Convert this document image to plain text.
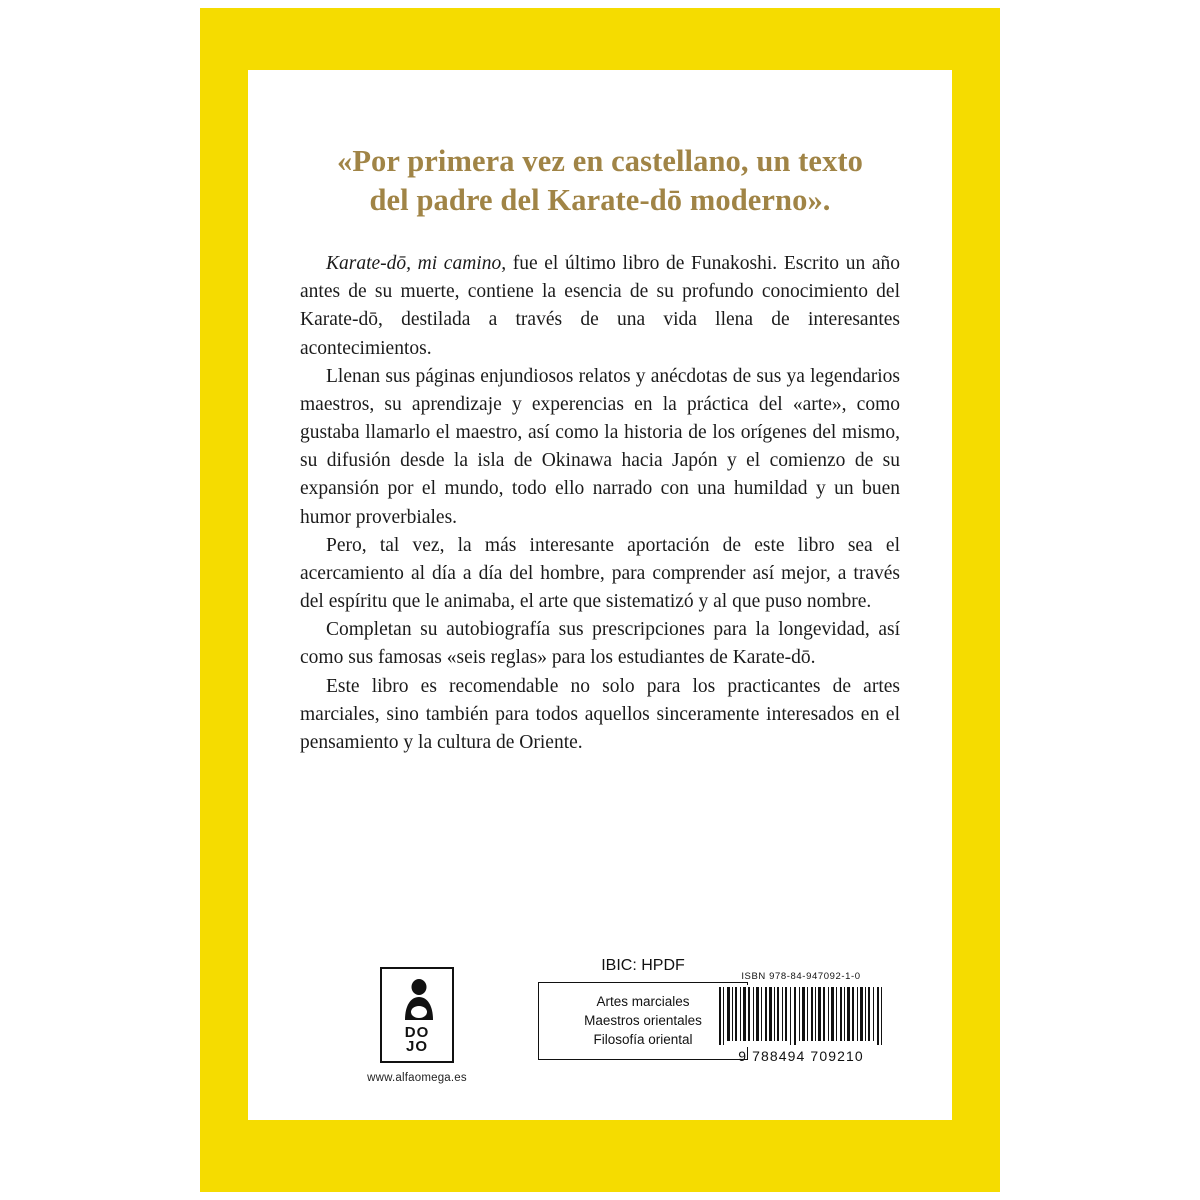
«Por primera vez en castellano, un texto
del padre del Karate-dō moderno».

Karate-dō, mi camino, fue el último libro de Funakoshi. Escrito un año antes de su muerte, contiene la esencia de su profundo conocimiento del Karate-dō, destilada a través de una vida llena de interesantes acontecimientos.

Llenan sus páginas enjundiosos relatos y anécdotas de sus ya legendarios maestros, su aprendizaje y experencias en la práctica del «arte», como gustaba llamarlo el maestro, así como la historia de los orígenes del mismo, su difusión desde la isla de Okinawa hacia Japón y el comienzo de su expansión por el mundo, todo ello narrado con una humildad y un buen humor proverbiales.

Pero, tal vez, la más interesante aportación de este libro sea el acercamiento al día a día del hombre, para comprender así mejor, a través del espíritu que le animaba, el arte que sistematizó y al que puso nombre.

Completan su autobiografía sus prescripciones para la longevidad, así como sus famosas «seis reglas» para los estudiantes de Karate-dō.

Este libro es recomendable no solo para los practicantes de artes marciales, sino también para todos aquellos sinceramente interesados en el pensamiento y la cultura de Oriente.

DO
JO
www.alfaomega.es
IBIC: HPDF
Artes marciales
Maestros orientales
Filosofía oriental
ISBN 978-84-947092-1-0
9 788494 709210
